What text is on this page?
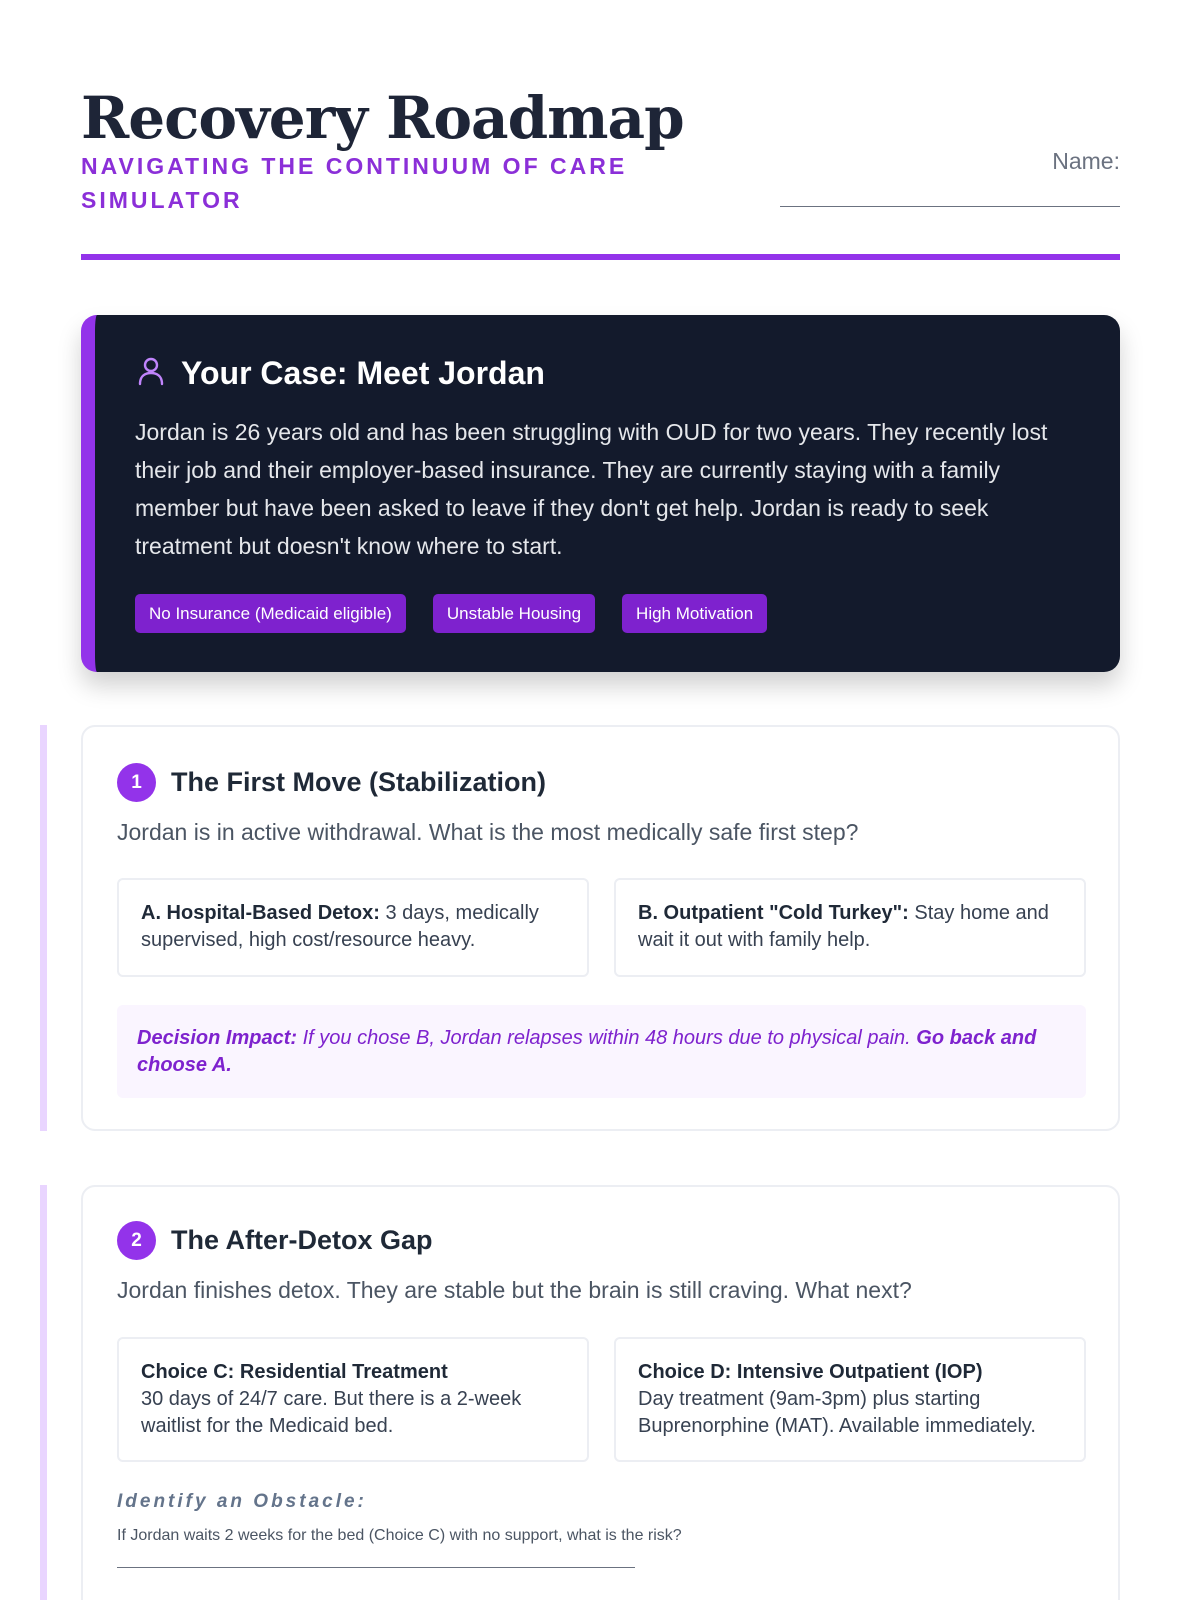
Recovery Roadmap
NAVIGATING THE CONTINUUM OF CARE SIMULATOR
Name:
Your Case: Meet Jordan

Jordan is 26 years old and has been struggling with OUD for two years. They recently lost their job and their employer-based insurance. They are currently staying with a family member but have been asked to leave if they don't get help. Jordan is ready to seek treatment but doesn't know where to start.

No Insurance (Medicaid eligible)	Unstable Housing	High Motivation
1	The First Move (Stabilization)

Jordan is in active withdrawal. What is the most medically safe first step?

A. Hospital-Based Detox: 3 days, medically supervised, high cost/resource heavy.
B. Outpatient "Cold Turkey": Stay home and wait it out with family help.
Decision Impact: If you chose B, Jordan relapses within 48 hours due to physical pain. Go back and choose A.
2	The After-Detox Gap

Jordan finishes detox. They are stable but the brain is still craving. What next?

Choice C: Residential Treatment
30 days of 24/7 care. But there is a 2-week waitlist for the Medicaid bed.
Choice D: Intensive Outpatient (IOP)
Day treatment (9am-3pm) plus starting Buprenorphine (MAT). Available immediately.
Identify an Obstacle:
If Jordan waits 2 weeks for the bed (Choice C) with no support, what is the risk?
